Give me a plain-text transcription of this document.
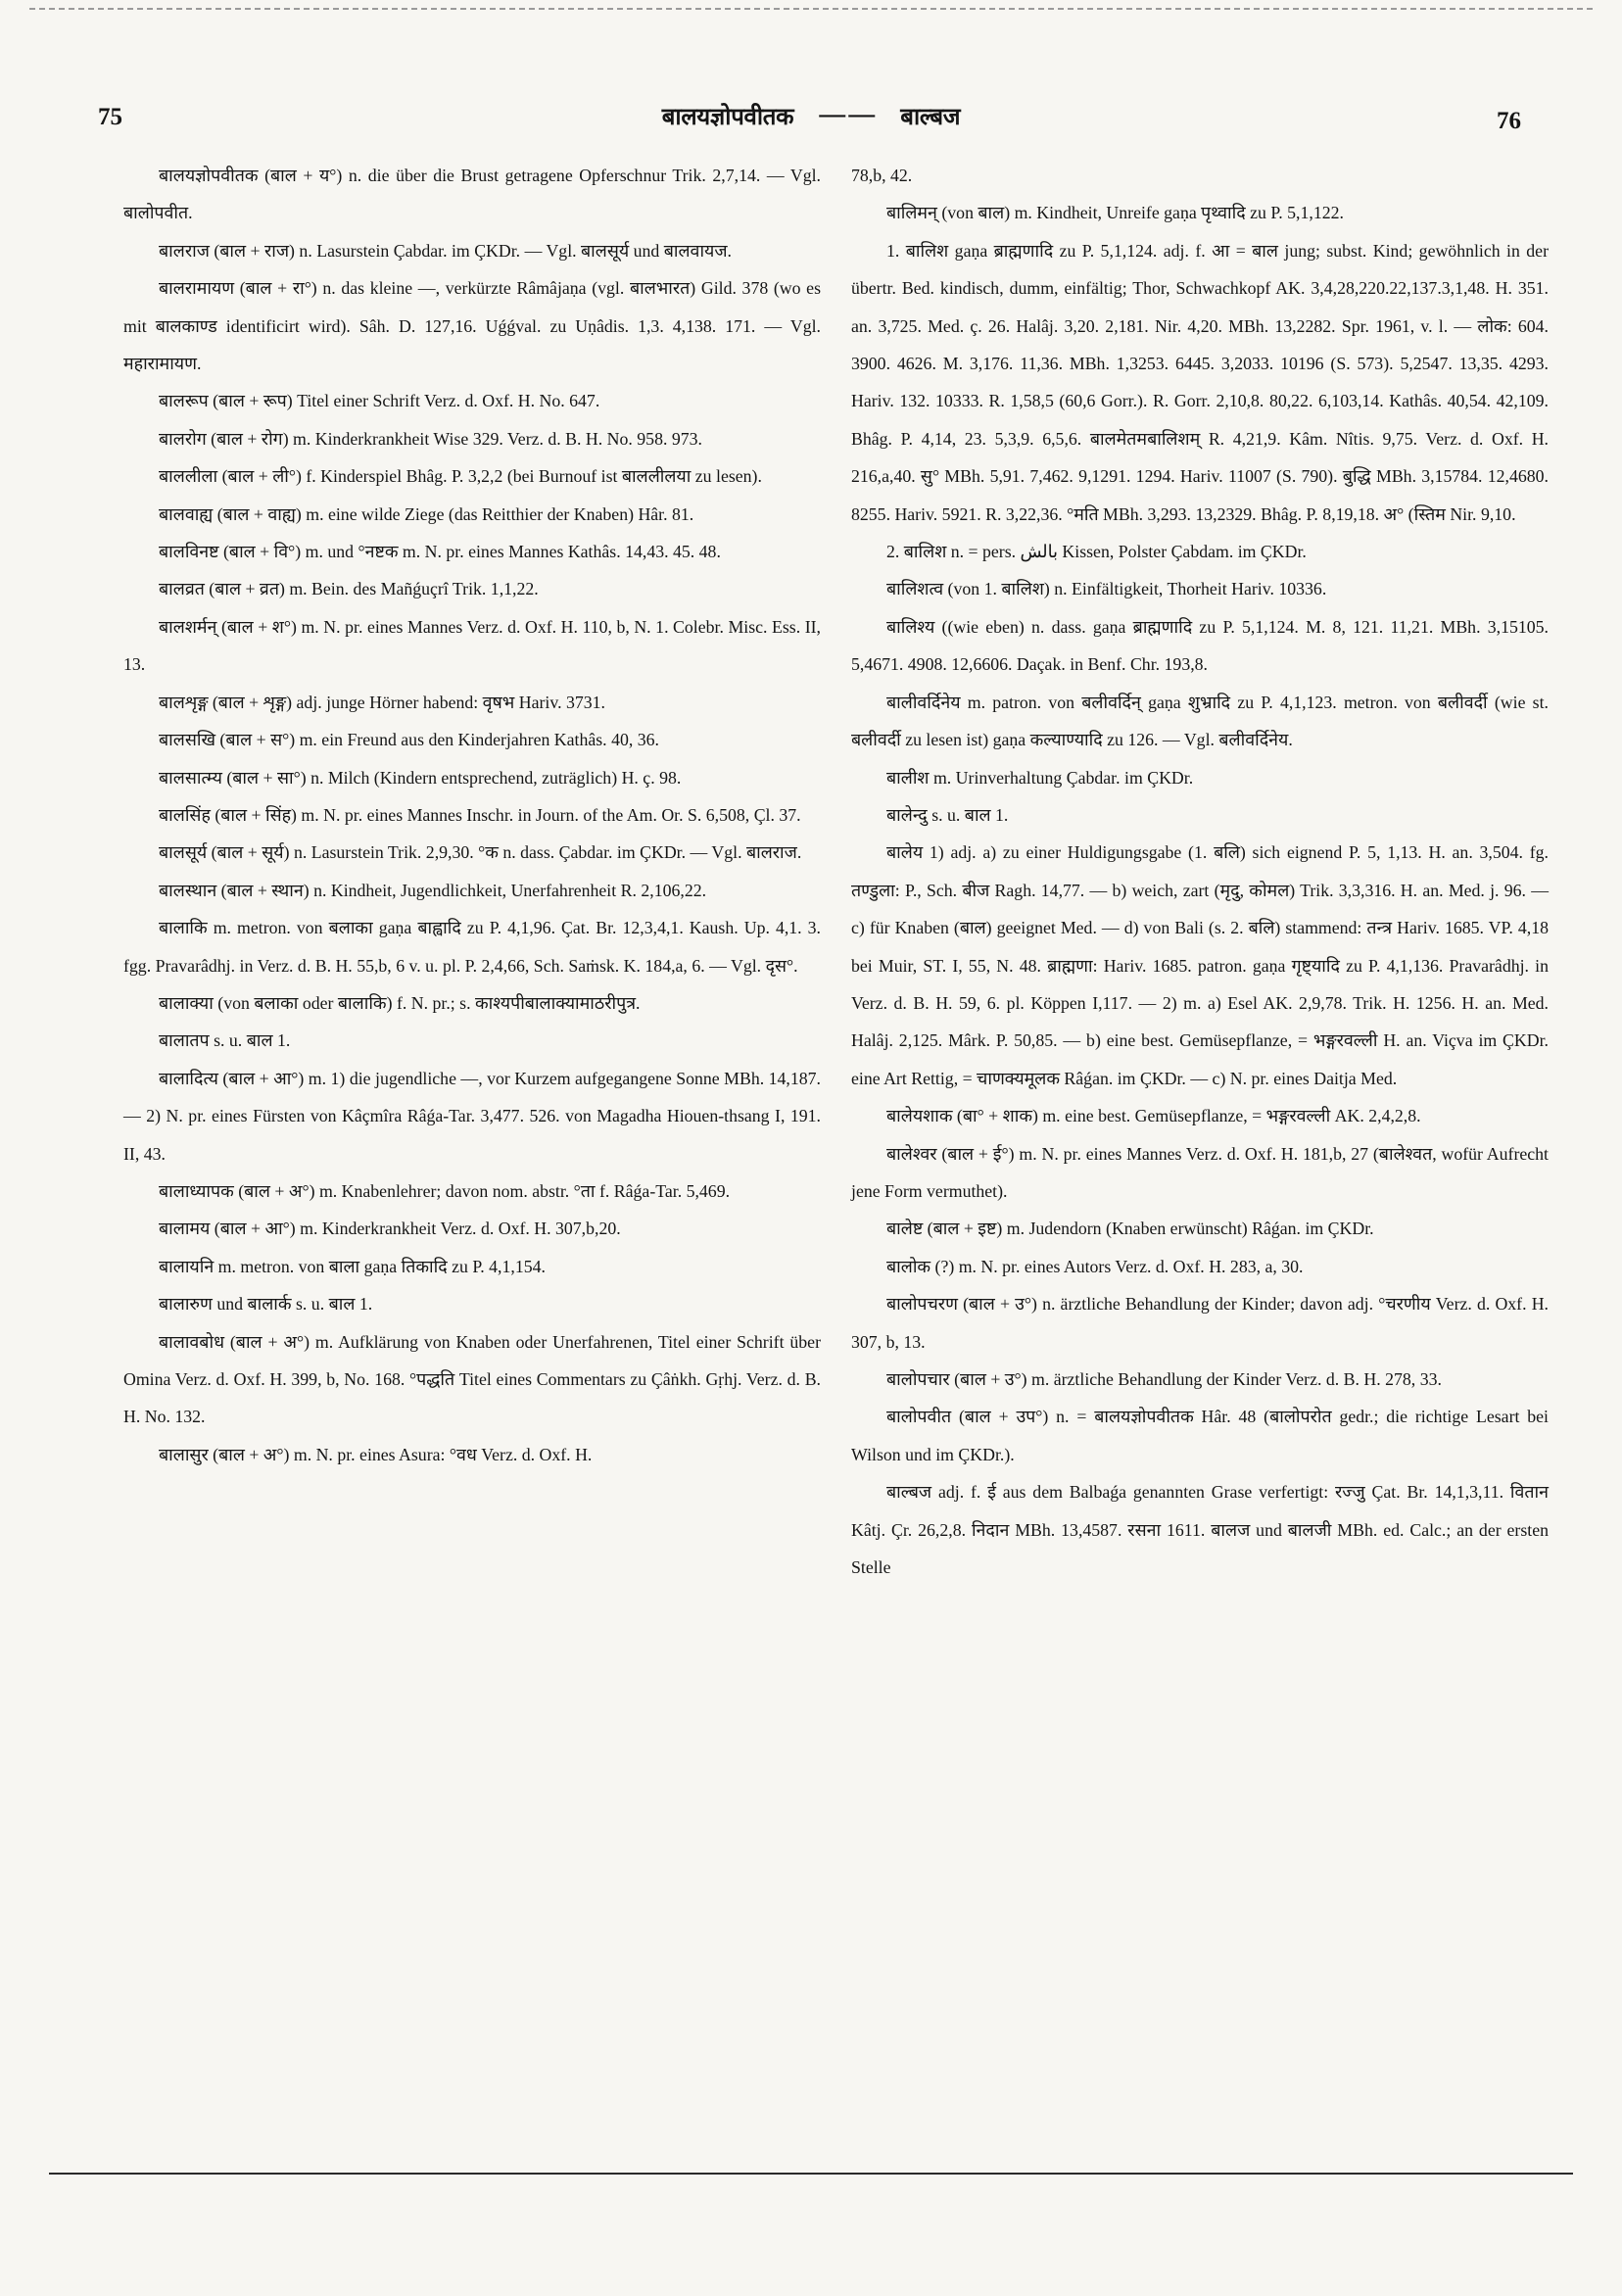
75	बालयज्ञोपवीतक —— बाल्बज	76

बालयज्ञोपवीतक (बाल + य°) n. die über die Brust getragene Opferschnur Trik. 2,7,14. — Vgl. बालोपवीत.

बालराज (बाल + राज) n. Lasurstein Çabdar. im ÇKDr. — Vgl. बालसूर्य und बालवायज.

बालरामायण (बाल + रा°) n. das kleine —, verkürzte Râmâjaṇa (vgl. बालभारत) Gild. 378 (wo es mit बालकाण्ड identificirt wird). Sâh. D. 127,16. Uǵǵval. zu Uṇâdis. 1,3. 4,138. 171. — Vgl. महारामायण.

बालरूप (बाल + रूप) Titel einer Schrift Verz. d. Oxf. H. No. 647.

बालरोग (बाल + रोग) m. Kinderkrankheit Wise 329. Verz. d. B. H. No. 958. 973.

बाललीला (बाल + ली°) f. Kinderspiel Bhâg. P. 3,2,2 (bei Burnouf ist बाललीलया zu lesen).

बालवाह्य (बाल + वाह्य) m. eine wilde Ziege (das Reitthier der Knaben) Hâr. 81.

बालविनष्ट (बाल + वि°) m. und °नष्टक m. N. pr. eines Mannes Kathâs. 14,43. 45. 48.

बालव्रत (बाल + व्रत) m. Bein. des Mañǵuçrî Trik. 1,1,22.

बालशर्मन् (बाल + श°) m. N. pr. eines Mannes Verz. d. Oxf. H. 110, b, N. 1. Colebr. Misc. Ess. II, 13.

बालशृङ्ग (बाल + शृङ्ग) adj. junge Hörner habend: वृषभ Hariv. 3731.

बालसखि (बाल + स°) m. ein Freund aus den Kinderjahren Kathâs. 40, 36.

बालसात्म्य (बाल + सा°) n. Milch (Kindern entsprechend, zuträglich) H. ç. 98.

बालसिंह (बाल + सिंह) m. N. pr. eines Mannes Inschr. in Journ. of the Am. Or. S. 6,508, Çl. 37.

बालसूर्य (बाल + सूर्य) n. Lasurstein Trik. 2,9,30. °क n. dass. Çabdar. im ÇKDr. — Vgl. बालराज.

बालस्थान (बाल + स्थान) n. Kindheit, Jugendlichkeit, Unerfahrenheit R. 2,106,22.

बालाकि m. metron. von बलाका gaṇa बाह्वादि zu P. 4,1,96. Çat. Br. 12,3,4,1. Kaush. Up. 4,1. 3. fgg. Pravarâdhj. in Verz. d. B. H. 55,b, 6 v. u. pl. P. 2,4,66, Sch. Saṁsk. K. 184,a, 6. — Vgl. दृस°.

बालाक्या (von बलाका oder बालाकि) f. N. pr.; s. काश्यपीबालाक्यामाठरीपुत्र.

बालातप s. u. बाल 1.

बालादित्य (बाल + आ°) m. 1) die jugendliche —, vor Kurzem aufgegangene Sonne MBh. 14,187. — 2) N. pr. eines Fürsten von Kâçmîra Râǵa-Tar. 3,477. 526. von Magadha Hiouen-thsang I, 191. II, 43.

बालाध्यापक (बाल + अ°) m. Knabenlehrer; davon nom. abstr. °ता f. Râǵa-Tar. 5,469.

बालामय (बाल + आ°) m. Kinderkrankheit Verz. d. Oxf. H. 307,b,20.

बालायनि m. metron. von बाला gaṇa तिकादि zu P. 4,1,154.

बालारुण und बालार्क s. u. बाल 1.

बालावबोध (बाल + अ°) m. Aufklärung von Knaben oder Unerfahrenen, Titel einer Schrift über Omina Verz. d. Oxf. H. 399, b, No. 168. °पद्धति Titel eines Commentars zu Çâṅkh. Gṛhj. Verz. d. B. H. No. 132.

बालासुर (बाल + अ°) m. N. pr. eines Asura: °वध Verz. d. Oxf. H.

78,b, 42.

बालिमन् (von बाल) m. Kindheit, Unreife gaṇa पृथ्वादि zu P. 5,1,122.

1. बालिश gaṇa ब्राह्मणादि zu P. 5,1,124. adj. f. आ = बाल jung; subst. Kind; gewöhnlich in der übertr. Bed. kindisch, dumm, einfältig; Thor, Schwachkopf AK. 3,4,28,220.22,137.3,1,48. H. 351. an. 3,725. Med. ç. 26. Halâj. 3,20. 2,181. Nir. 4,20. MBh. 13,2282. Spr. 1961, v. l. — लोक: 604. 3900. 4626. M. 3,176. 11,36. MBh. 1,3253. 6445. 3,2033. 10196 (S. 573). 5,2547. 13,35. 4293. Hariv. 132. 10333. R. 1,58,5 (60,6 Gorr.). R. Gorr. 2,10,8. 80,22. 6,103,14. Kathâs. 40,54. 42,109. Bhâg. P. 4,14, 23. 5,3,9. 6,5,6. बालमेतमबालिशम् R. 4,21,9. Kâm. Nîtis. 9,75. Verz. d. Oxf. H. 216,a,40. सु° MBh. 5,91. 7,462. 9,1291. 1294. Hariv. 11007 (S. 790). बुद्धि MBh. 3,15784. 12,4680. 8255. Hariv. 5921. R. 3,22,36. °मति MBh. 3,293. 13,2329. Bhâg. P. 8,19,18. अ° (स्तिम Nir. 9,10.

2. बालिश n. = pers. بالش Kissen, Polster Çabdam. im ÇKDr.

बालिशत्व (von 1. बालिश) n. Einfältigkeit, Thorheit Hariv. 10336.

बालिश्य ((wie eben) n. dass. gaṇa ब्राह्मणादि zu P. 5,1,124. M. 8, 121. 11,21. MBh. 3,15105. 5,4671. 4908. 12,6606. Daçak. in Benf. Chr. 193,8.

बालीवर्दिनेय m. patron. von बलीवर्दिन् gaṇa शुभ्रादि zu P. 4,1,123. metron. von बलीवर्दी (wie st. बलीवर्दी zu lesen ist) gaṇa कल्याण्यादि zu 126. — Vgl. बलीवर्दिनेय.

बालीश m. Urinverhaltung Çabdar. im ÇKDr.

बालेन्दु s. u. बाल 1.

बालेय 1) adj. a) zu einer Huldigungsgabe (1. बलि) sich eignend P. 5, 1,13. H. an. 3,504. fg. तण्डुला: P., Sch. बीज Ragh. 14,77. — b) weich, zart (मृदु, कोमल) Trik. 3,3,316. H. an. Med. j. 96. — c) für Knaben (बाल) geeignet Med. — d) von Bali (s. 2. बलि) stammend: तन्त्र Hariv. 1685. VP. 4,18 bei Muir, ST. I, 55, N. 48. ब्राह्मणा: Hariv. 1685. patron. gaṇa गृष्ट्यादि zu P. 4,1,136. Pravarâdhj. in Verz. d. B. H. 59, 6. pl. Köppen I,117. — 2) m. a) Esel AK. 2,9,78. Trik. H. 1256. H. an. Med. Halâj. 2,125. Mârk. P. 50,85. — b) eine best. Gemüsepflanze, = भङ्गरवल्ली H. an. Viçva im ÇKDr. eine Art Rettig, = चाणक्यमूलक Râǵan. im ÇKDr. — c) N. pr. eines Daitja Med.

बालेयशाक (बा° + शाक) m. eine best. Gemüsepflanze, = भङ्गरवल्ली AK. 2,4,2,8.

बालेश्वर (बाल + ई°) m. N. pr. eines Mannes Verz. d. Oxf. H. 181,b, 27 (बालेश्वत, wofür Aufrecht jene Form vermuthet).

बालेष्ट (बाल + इष्ट) m. Judendorn (Knaben erwünscht) Râǵan. im ÇKDr.

बालोक (?) m. N. pr. eines Autors Verz. d. Oxf. H. 283, a, 30.

बालोपचरण (बाल + उ°) n. ärztliche Behandlung der Kinder; davon adj. °चरणीय Verz. d. Oxf. H. 307, b, 13.

बालोपचार (बाल + उ°) m. ärztliche Behandlung der Kinder Verz. d. B. H. 278, 33.

बालोपवीत (बाल + उप°) n. = बालयज्ञोपवीतक Hâr. 48 (बालोपरोत gedr.; die richtige Lesart bei Wilson und im ÇKDr.).

बाल्बज adj. f. ई aus dem Balbaǵa genannten Grase verfertigt: रज्जु Çat. Br. 14,1,3,11. वितान Kâtj. Çr. 26,2,8. निदान MBh. 13,4587. रसना 1611. बालज und बालजी MBh. ed. Calc.; an der ersten Stelle
